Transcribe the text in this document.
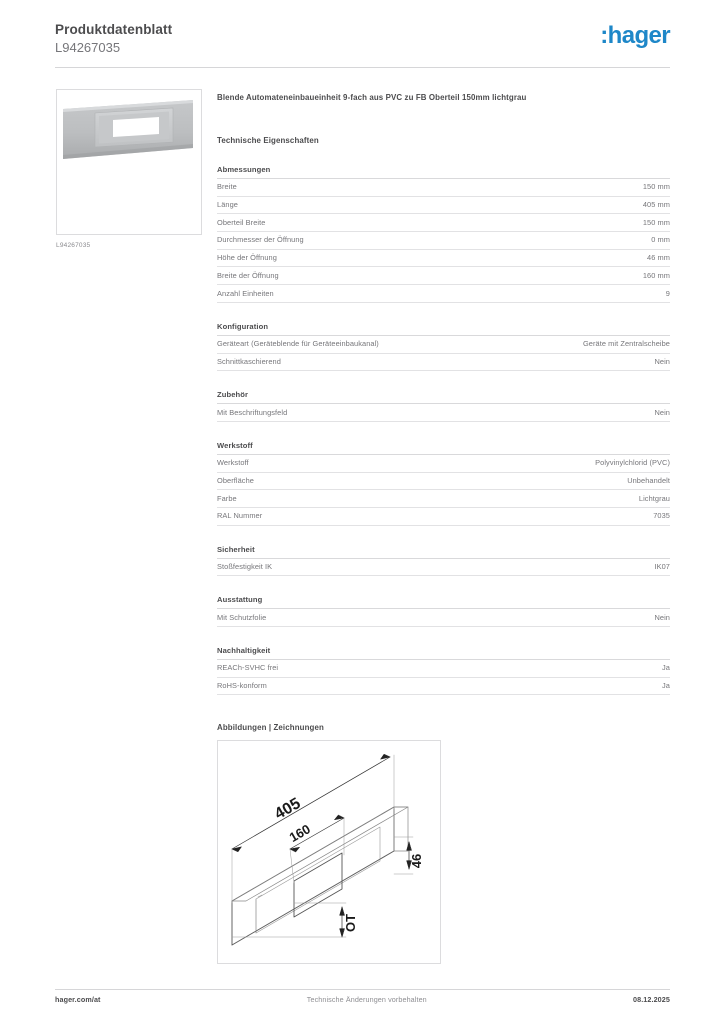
Produktdatenblatt
L94267035	:hager
L94267035
Blende Automateneinbaueinheit 9-fach aus PVC zu FB Oberteil 150mm lichtgrau
Technische Eigenschaften
Abmessungen
Breite	150 mm
Länge	405 mm
Oberteil Breite	150 mm
Durchmesser der Öffnung	0 mm
Höhe der Öffnung	46 mm
Breite der Öffnung	160 mm
Anzahl Einheiten	9
Konfiguration
Geräteart (Geräteblende für Geräteeinbaukanal)	Geräte mit Zentralscheibe
Schnittkaschierend	Nein
Zubehör
Mit Beschriftungsfeld	Nein
Werkstoff
Werkstoff	Polyvinylchlorid (PVC)
Oberfläche	Unbehandelt
Farbe	Lichtgrau
RAL Nummer	7035
Sicherheit
Stoßfestigkeit IK	IK07
Ausstattung
Mit Schutzfolie	Nein
Nachhaltigkeit
REACh-SVHC frei	Ja
RoHS-konform	Ja
Abbildungen | Zeichnungen
405
160
46
OT
hager.com/at	Technische Änderungen vorbehalten	08.12.2025
